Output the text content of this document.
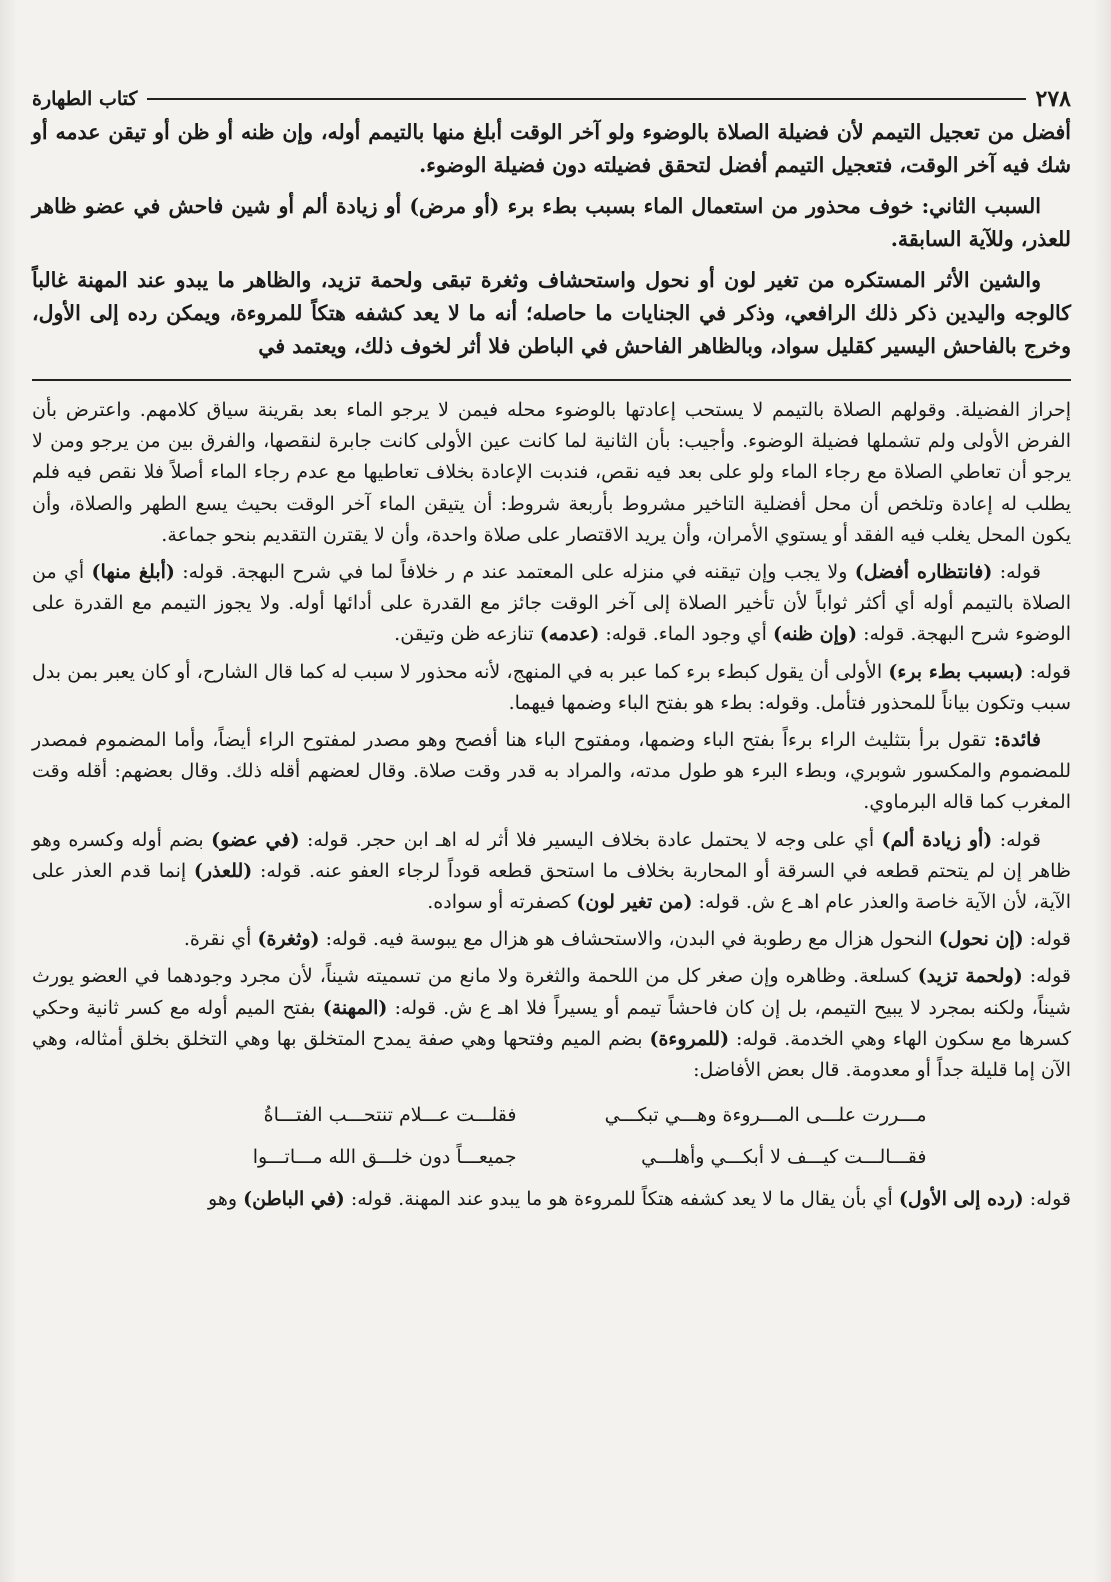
٢٧٨
كتاب الطهارة

أفضل من تعجيل التيمم لأن فضيلة الصلاة بالوضوء ولو آخر الوقت أبلغ منها بالتيمم أوله، وإن ظنه أو ظن أو تيقن عدمه أو شك فيه آخر الوقت، فتعجيل التيمم أفضل لتحقق فضيلته دون فضيلة الوضوء.

السبب الثاني: خوف محذور من استعمال الماء بسبب بطء برء (أو مرض) أو زيادة ألم أو شين فاحش في عضو ظاهر للعذر، وللآية السابقة.

والشين الأثر المستكره من تغير لون أو نحول واستحشاف وثغرة تبقى ولحمة تزيد، والظاهر ما يبدو عند المهنة غالباً كالوجه واليدين ذكر ذلك الرافعي، وذكر في الجنايات ما حاصله؛ أنه ما لا يعد كشفه هتكاً للمروءة، ويمكن رده إلى الأول، وخرج بالفاحش اليسير كقليل سواد، وبالظاهر الفاحش في الباطن فلا أثر لخوف ذلك، ويعتمد في

إحراز الفضيلة. وقولهم الصلاة بالتيمم لا يستحب إعادتها بالوضوء محله فيمن لا يرجو الماء بعد بقرينة سياق كلامهم. واعترض بأن الفرض الأولى ولم تشملها فضيلة الوضوء. وأجيب: بأن الثانية لما كانت عين الأولى كانت جابرة لنقصها، والفرق بين من يرجو ومن لا يرجو أن تعاطي الصلاة مع رجاء الماء ولو على بعد فيه نقص، فندبت الإعادة بخلاف تعاطيها مع عدم رجاء الماء أصلاً فلا نقص فيه فلم يطلب له إعادة وتلخص أن محل أفضلية التاخير مشروط بأربعة شروط: أن يتيقن الماء آخر الوقت بحيث يسع الطهر والصلاة، وأن يكون المحل يغلب فيه الفقد أو يستوي الأمران، وأن يريد الاقتصار على صلاة واحدة، وأن لا يقترن التقديم بنحو جماعة.

قوله: (فانتظاره أفضل) ولا يجب وإن تيقنه في منزله على المعتمد عند م ر خلافاً لما في شرح البهجة. قوله: (أبلغ منها) أي من الصلاة بالتيمم أوله أي أكثر ثواباً لأن تأخير الصلاة إلى آخر الوقت جائز مع القدرة على أدائها أوله. ولا يجوز التيمم مع القدرة على الوضوء شرح البهجة. قوله: (وإن ظنه) أي وجود الماء. قوله: (عدمه) تنازعه ظن وتيقن.

قوله: (بسبب بطء برء) الأولى أن يقول كبطء برء كما عبر به في المنهج، لأنه محذور لا سبب له كما قال الشارح، أو كان يعبر بمن بدل سبب وتكون بياناً للمحذور فتأمل. وقوله: بطء هو بفتح الباء وضمها فيهما.

فائدة: تقول برأ بتثليث الراء برءاً بفتح الباء وضمها، ومفتوح الباء هنا أفصح وهو مصدر لمفتوح الراء أيضاً، وأما المضموم فمصدر للمضموم والمكسور شوبري، وبطء البرء هو طول مدته، والمراد به قدر وقت صلاة. وقال لعضهم أقله ذلك. وقال بعضهم: أقله وقت المغرب كما قاله البرماوي.

قوله: (أو زيادة ألم) أي على وجه لا يحتمل عادة بخلاف اليسير فلا أثر له اهـ ابن حجر. قوله: (في عضو) بضم أوله وكسره وهو ظاهر إن لم يتحتم قطعه في السرقة أو المحاربة بخلاف ما استحق قطعه قوداً لرجاء العفو عنه. قوله: (للعذر) إنما قدم العذر على الآية، لأن الآية خاصة والعذر عام اهـ ع ش. قوله: (من تغير لون) كصفرته أو سواده.

قوله: (إن نحول) النحول هزال مع رطوبة في البدن، والاستحشاف هو هزال مع يبوسة فيه. قوله: (وثغرة) أي نقرة.

قوله: (ولحمة تزيد) كسلعة. وظاهره وإن صغر كل من اللحمة والثغرة ولا مانع من تسميته شيناً، لأن مجرد وجودهما في العضو يورث شيناً، ولكنه بمجرد لا يبيح التيمم، بل إن كان فاحشاً تيمم أو يسيراً فلا اهـ ع ش. قوله: (المهنة) بفتح الميم أوله مع كسر ثانية وحكي كسرها مع سكون الهاء وهي الخدمة. قوله: (للمروءة) بضم الميم وفتحها وهي صفة يمدح المتخلق بها وهي التخلق بخلق أمثاله، وهي الآن إما قليلة جداً أو معدومة. قال بعض الأفاضل:

مـــررت علـــى المـــروءة وهـــي تبكـــي
فقلـــت عـــلام تنتحـــب الفتـــاةُ
فقـــالـــت كيـــف لا أبكـــي وأهلـــي
جميعـــاً دون خلـــق الله مـــاتـــوا

قوله: (رده إلى الأول) أي بأن يقال ما لا يعد كشفه هتكاً للمروءة هو ما يبدو عند المهنة. قوله: (في الباطن) وهو
